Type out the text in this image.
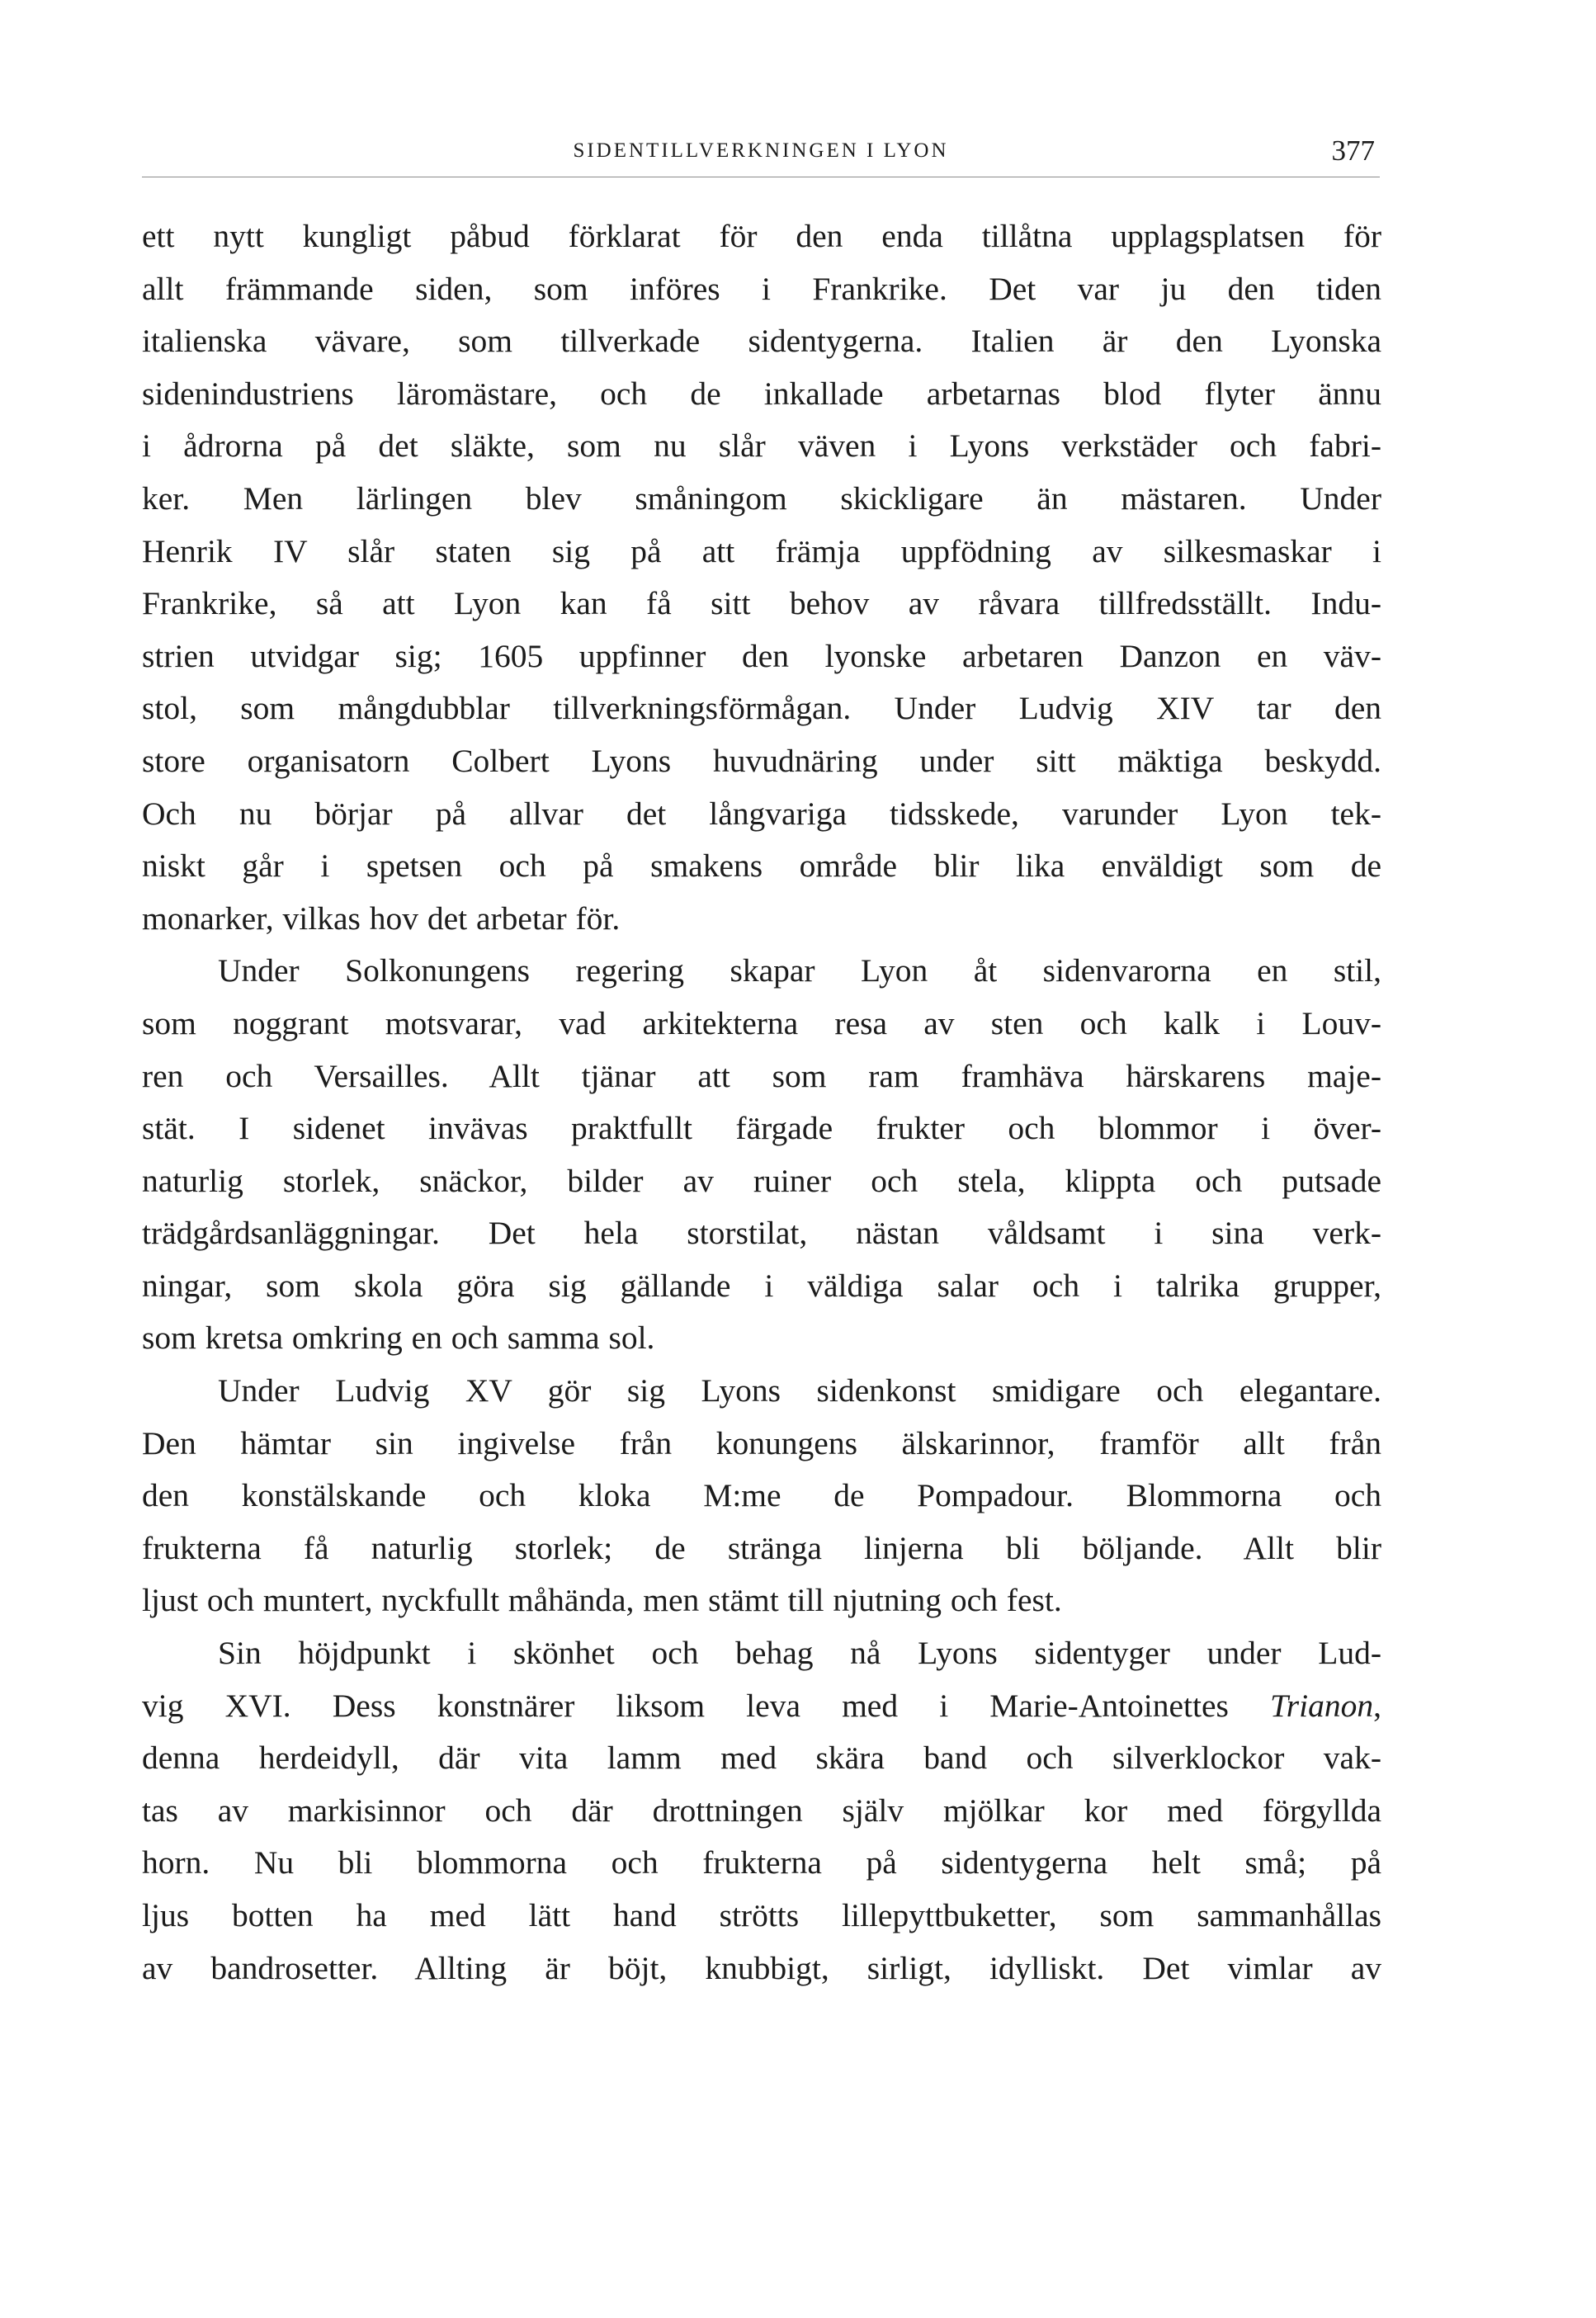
SIDENTILLVERKNINGEN I LYON	377

ett nytt kungligt påbud förklarat för den enda tillåtna upplagsplatsen för
allt främmande siden, som införes i Frankrike. Det var ju den tiden
italienska vävare, som tillverkade sidentygerna. Italien är den Lyonska
sidenindustriens läromästare, och de inkallade arbetarnas blod flyter ännu
i ådrorna på det släkte, som nu slår väven i Lyons verkstäder och fabri-
ker. Men lärlingen blev småningom skickligare än mästaren. Under
Henrik IV slår staten sig på att främja uppfödning av silkesmaskar i
Frankrike, så att Lyon kan få sitt behov av råvara tillfredsställt. Indu-
strien utvidgar sig; 1605 uppfinner den lyonske arbetaren Danzon en väv-
stol, som mångdubblar tillverkningsförmågan. Under Ludvig XIV tar den
store organisatorn Colbert Lyons huvudnäring under sitt mäktiga beskydd.
Och nu börjar på allvar det långvariga tidsskede, varunder Lyon tek-
niskt går i spetsen och på smakens område blir lika enväldigt som de
monarker, vilkas hov det arbetar för.

Under Solkonungens regering skapar Lyon åt sidenvarorna en stil,
som noggrant motsvarar, vad arkitekterna resa av sten och kalk i Louv-
ren och Versailles. Allt tjänar att som ram framhäva härskarens maje-
stät. I sidenet invävas praktfullt färgade frukter och blommor i över-
naturlig storlek, snäckor, bilder av ruiner och stela, klippta och putsade
trädgårdsanläggningar. Det hela storstilat, nästan våldsamt i sina verk-
ningar, som skola göra sig gällande i väldiga salar och i talrika grupper,
som kretsa omkring en och samma sol.

Under Ludvig XV gör sig Lyons sidenkonst smidigare och elegantare.
Den hämtar sin ingivelse från konungens älskarinnor, framför allt från
den konstälskande och kloka M:me de Pompadour. Blommorna och
frukterna få naturlig storlek; de stränga linjerna bli böljande. Allt blir
ljust och muntert, nyckfullt måhända, men stämt till njutning och fest.

Sin höjdpunkt i skönhet och behag nå Lyons sidentyger under Lud-
vig XVI. Dess konstnärer liksom leva med i Marie-Antoinettes Trianon,
denna herdeidyll, där vita lamm med skära band och silverklockor vak-
tas av markisinnor och där drottningen själv mjölkar kor med förgyllda
horn. Nu bli blommorna och frukterna på sidentygerna helt små; på
ljus botten ha med lätt hand strötts lillepyttbuketter, som sammanhållas
av bandrosetter. Allting är böjt, knubbigt, sirligt, idylliskt. Det vimlar av
